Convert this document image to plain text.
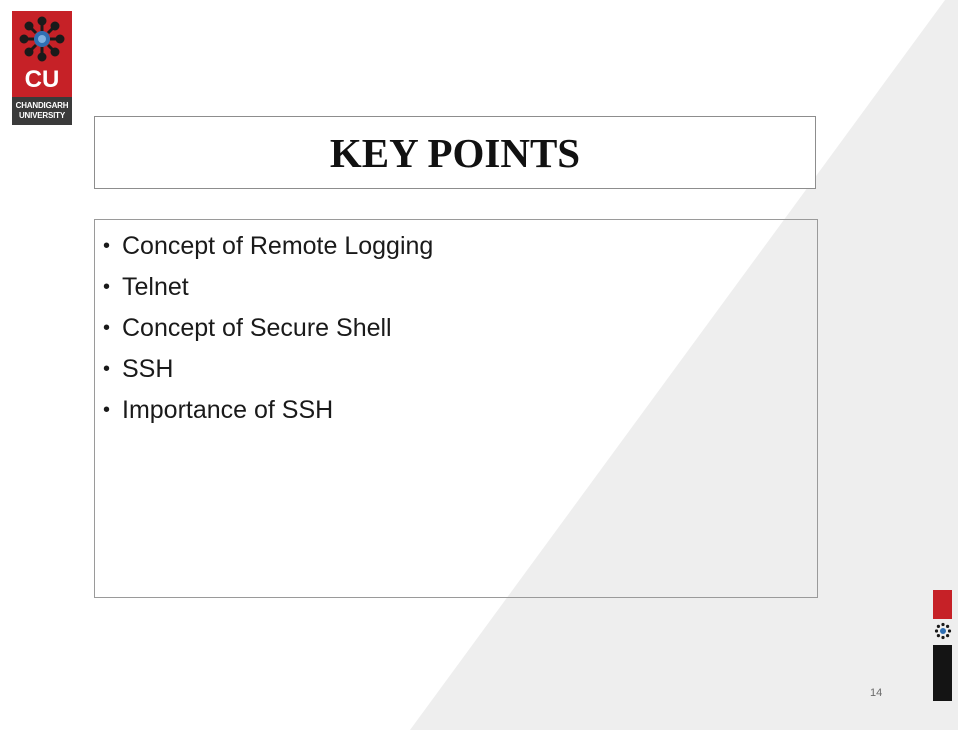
CU
CHANDIGARH
UNIVERSITY
KEY POINTS
• Concept of Remote Logging
• Telnet
• Concept of Secure Shell
• SSH
• Importance of SSH
14
